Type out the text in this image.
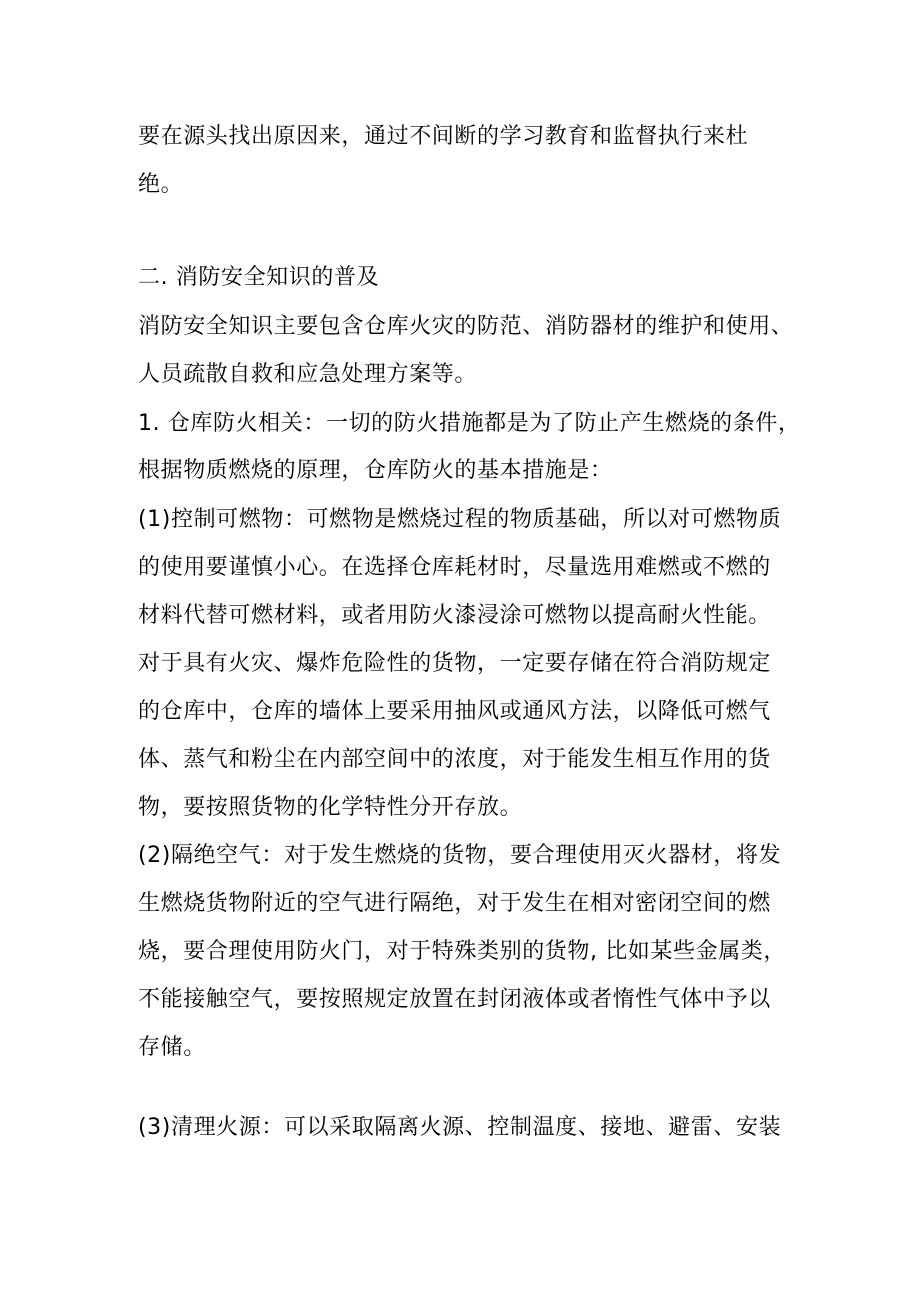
要在源头找出原因来，通过不间断的学习教育和监督执行来杜
绝。
二. 消防安全知识的普及
消防安全知识主要包含仓库火灾的防范、消防器材的维护和使用、
人员疏散自救和应急处理方案等。
1. 仓库防火相关：一切的防火措施都是为了防止产生燃烧的条件，
根据物质燃烧的原理，仓库防火的基本措施是：
(1)控制可燃物：可燃物是燃烧过程的物质基础，所以对可燃物质
的使用要谨慎小心。在选择仓库耗材时，尽量选用难燃或不燃的
材料代替可燃材料，或者用防火漆浸涂可燃物以提高耐火性能。
对于具有火灾、爆炸危险性的货物，一定要存储在符合消防规定
的仓库中，仓库的墙体上要采用抽风或通风方法，以降低可燃气
体、蒸气和粉尘在内部空间中的浓度，对于能发生相互作用的货
物，要按照货物的化学特性分开存放。
(2)隔绝空气：对于发生燃烧的货物，要合理使用灭火器材，将发
生燃烧货物附近的空气进行隔绝，对于发生在相对密闭空间的燃
烧，要合理使用防火门，对于特殊类别的货物, 比如某些金属类，
不能接触空气，要按照规定放置在封闭液体或者惰性气体中予以
存储。
(3)清理火源：可以采取隔离火源、控制温度、接地、避雷、安装
